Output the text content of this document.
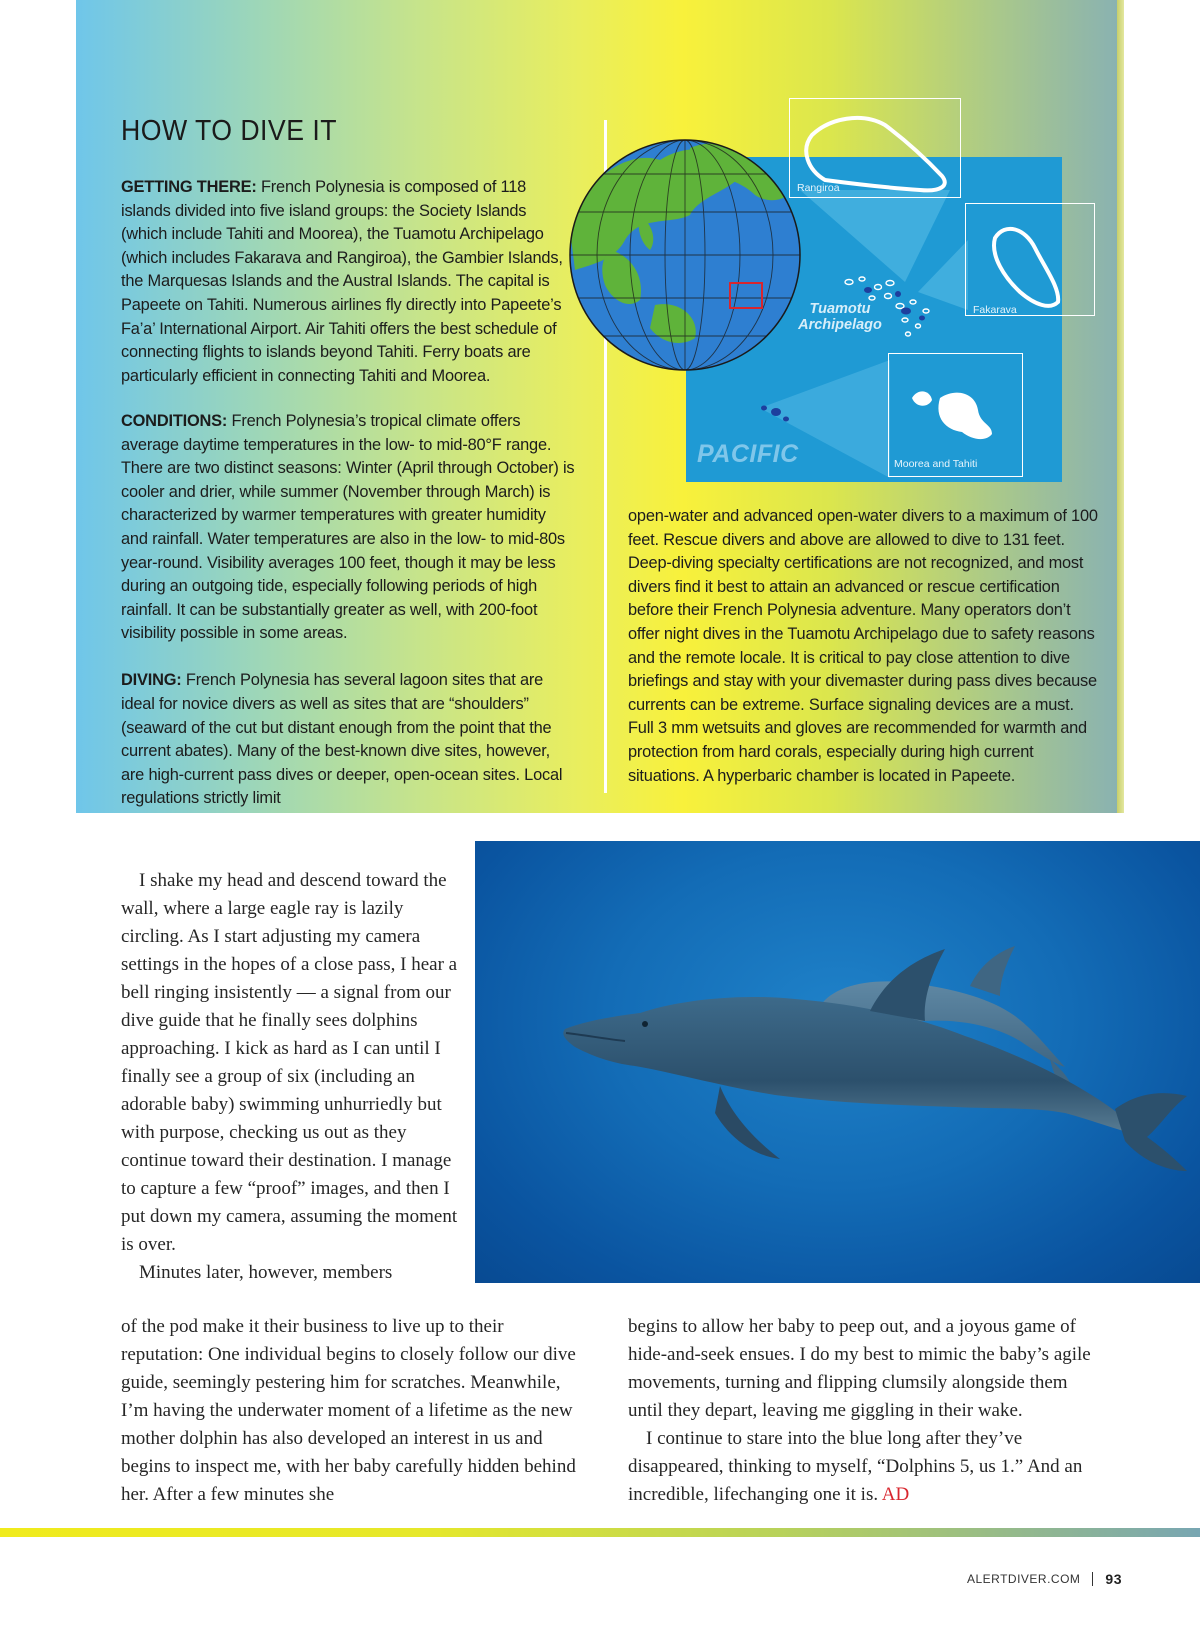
HOW TO DIVE IT

GETTING THERE: French Polynesia is composed of 118 islands divided into five island groups: the Society Islands (which include Tahiti and Moorea), the Tuamotu Archipelago (which includes Fakarava and Rangiroa), the Gambier Islands, the Marquesas Islands and the Austral Islands. The capital is Papeete on Tahiti. Numerous airlines fly directly into Papeete’s Fa’a’ International Airport. Air Tahiti offers the best schedule of connecting flights to islands beyond Tahiti. Ferry boats are particularly efficient in connecting Tahiti and Moorea.

CONDITIONS: French Polynesia’s tropical climate offers average daytime temperatures in the low- to mid-80°F range. There are two distinct seasons: Winter (April through October) is cooler and drier, while summer (November through March) is characterized by warmer temperatures with greater humidity and rainfall. Water temperatures are also in the low- to mid-80s year-round. Visibility averages 100 feet, though it may be less during an outgoing tide, especially following periods of high rainfall. It can be substantially greater as well, with 200-foot visibility possible in some areas.

DIVING: French Polynesia has several lagoon sites that are ideal for novice divers as well as sites that are “shoulders” (seaward of the cut but distant enough from the point that the current abates). Many of the best-known dive sites, however, are high-current pass dives or deeper, open-ocean sites. Local regulations strictly limit

open-water and advanced open-water divers to a maximum of 100 feet. Rescue divers and above are allowed to dive to 131 feet. Deep-diving specialty certifications are not recognized, and most divers find it best to attain an advanced or rescue certification before their French Polynesia adventure. Many operators don’t offer night dives in the Tuamotu Archipelago due to safety reasons and the remote locale. It is critical to pay close attention to dive briefings and stay with your divemaster during pass dives because currents can be extreme. Surface signaling devices are a must. Full 3 mm wetsuits and gloves are recommended for warmth and protection from hard corals, especially during high current situations. A hyperbaric chamber is located in Papeete.

Rangiroa
Fakarava
Moorea and Tahiti
Tuamotu Archipelago
PACIFIC

I shake my head and descend toward the wall, where a large eagle ray is lazily circling. As I start adjusting my camera settings in the hopes of a close pass, I hear a bell ringing insistently — a signal from our dive guide that he finally sees dolphins approaching. I kick as hard as I can until I finally see a group of six (including an adorable baby) swimming unhurriedly but with purpose, checking us out as they continue toward their destination. I manage to capture a few “proof” images, and then I put down my camera, assuming the moment is over.

Minutes later, however, members

of the pod make it their business to live up to their reputation: One individual begins to closely follow our dive guide, seemingly pestering him for scratches. Meanwhile, I’m having the underwater moment of a lifetime as the new mother dolphin has also developed an interest in us and begins to inspect me, with her baby carefully hidden behind her. After a few minutes she

begins to allow her baby to peep out, and a joyous game of hide-and-seek ensues. I do my best to mimic the baby’s agile movements, turning and flipping clumsily alongside them until they depart, leaving me giggling in their wake.

I continue to stare into the blue long after they’ve disappeared, thinking to myself, “Dolphins 5, us 1.” And an incredible, lifechanging one it is. AD

ALERTDIVER.COM 93
